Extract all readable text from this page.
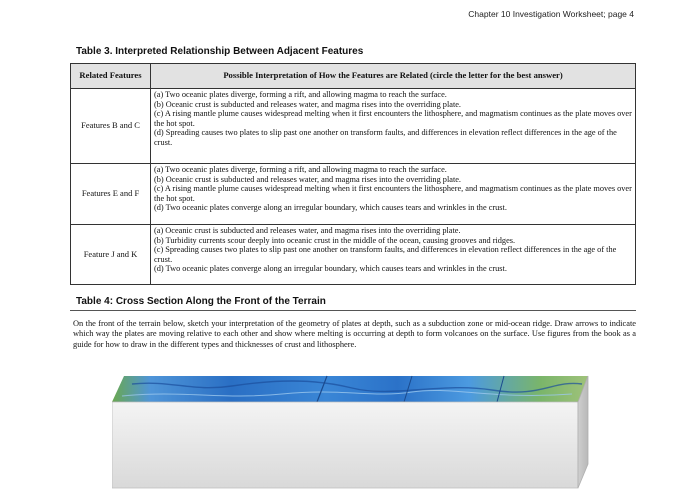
Chapter 10 Investigation Worksheet; page 4
Table 3. Interpreted Relationship Between Adjacent Features
Related Features	Possible Interpretation of How the Features are Related (circle the letter for the best answer)
Features B and C	(a) Two oceanic plates diverge, forming a rift, and allowing magma to reach the surface.
(b) Oceanic crust is subducted and releases water, and magma rises into the overriding plate.
(c) A rising mantle plume causes widespread melting when it first encounters the lithosphere, and magmatism continues as the plate moves over the hot spot.
(d) Spreading causes two plates to slip past one another on transform faults, and differences in elevation reflect differences in the age of the crust.

Features E and F	(a) Two oceanic plates diverge, forming a rift, and allowing magma to reach the surface.
(b) Oceanic crust is subducted and releases water, and magma rises into the overriding plate.
(c) A rising mantle plume causes widespread melting when it first encounters the lithosphere, and magmatism continues as the plate moves over the hot spot.
(d) Two oceanic plates converge along an irregular boundary, which causes tears and wrinkles in the crust.

Feature J and K	(a) Oceanic crust is subducted and releases water, and magma rises into the overriding plate.
(b) Turbidity currents scour deeply into oceanic crust in the middle of the ocean, causing grooves and ridges.
(c) Spreading causes two plates to slip past one another on transform faults, and differences in elevation reflect differences in the age of the crust.
(d) Two oceanic plates converge along an irregular boundary, which causes tears and wrinkles in the crust.
Table 4: Cross Section Along the Front of the Terrain
On the front of the terrain below, sketch your interpretation of the geometry of plates at depth, such as a subduction zone or mid-ocean ridge. Draw arrows to indicate which way the plates are moving relative to each other and show where melting is occurring at depth to form volcanoes on the surface. Use figures from the book as a guide for how to draw in the different types and thicknesses of crust and lithosphere.
